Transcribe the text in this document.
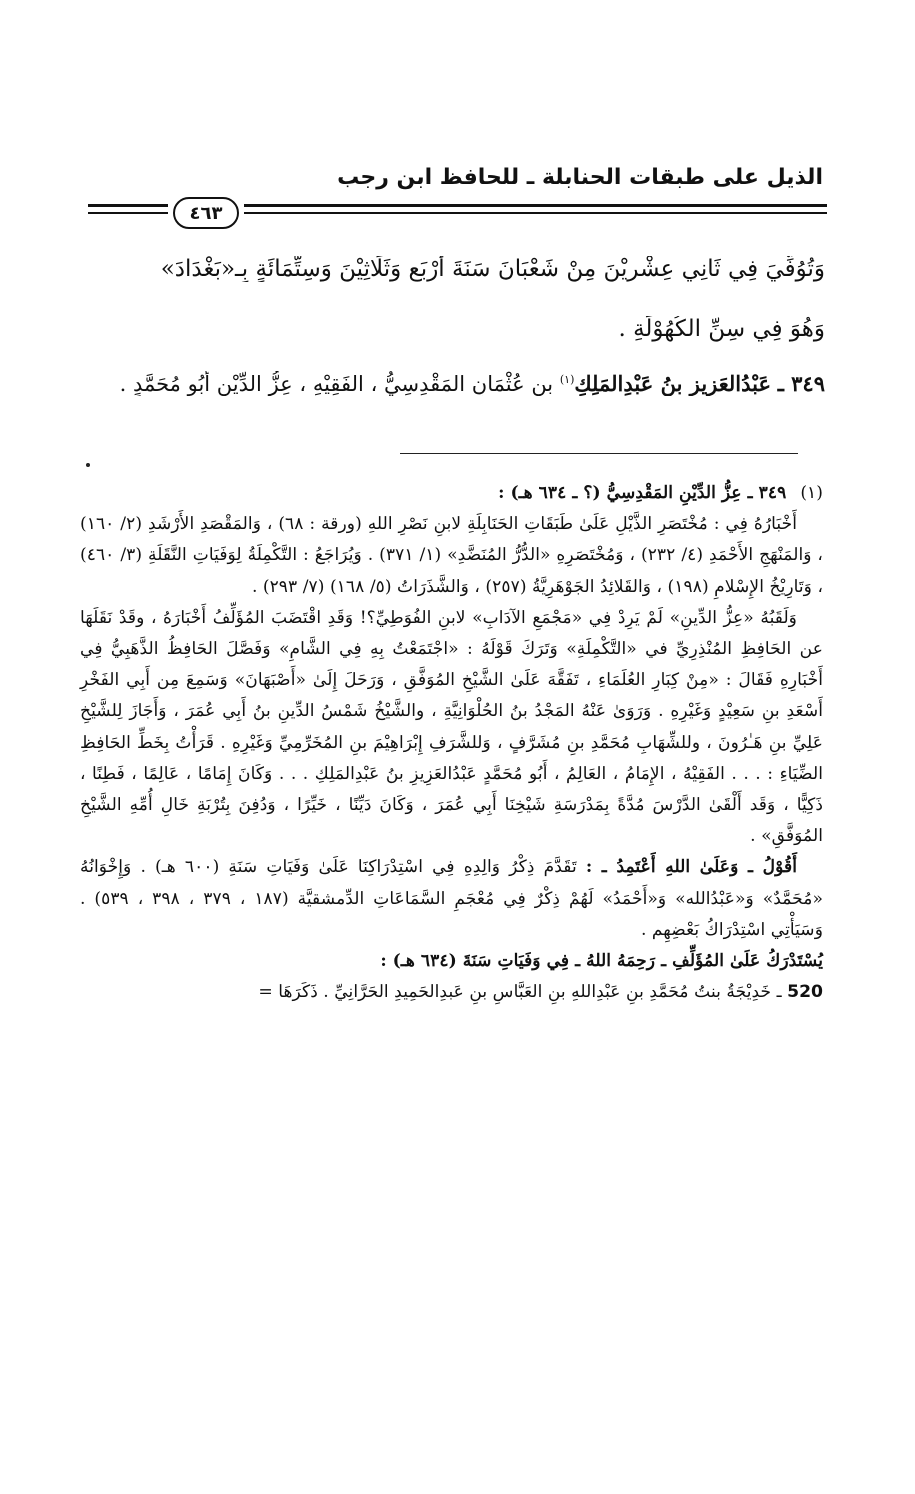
الذيل على طبقات الحنابلة ـ للحافظ ابن رجب
٤٦٣
وَتُوُفِّيَ فِي ثَانِي عِشْرِيْنَ مِنْ شَعْبَانَ سَنَةَ أَرْبَعٍ وَثَلَاثِيْنَ وَسِتِّمَائَةٍ بِـ«بَغْدَادَ»
وَهُوَ فِي سِنِّ الكُهُوْلَةِ .
٣٤٩ ـ عَبْدُالعَزِيزِ بنُ عَبْدِالمَلِكِ$^{(١)}$ بنِ عُثْمَانِ المَقْدِسِيُّ ، الفَقِيْهِ ، عِزُّ الدِّيْنِ أَبُو مُحَمَّدٍ .
(١)
٣٤٩ ـ عِزُّ الدِّيْنِ المَقْدِسِيُّ (؟ ـ ٦٣٤ هـ) :

أَخْبَارُهُ فِي : مُخْتَصَرِ الذَّيْلِ عَلَىٰ طَبَقَاتِ الحَنَابِلَةِ لابنِ نَصْرِ اللهِ (ورقة : ٦٨) ، وَالمَقْصَدِ الأَرْشَدِ (٢/ ١٦٠) ، وَالمَنْهَجِ الأَحْمَدِ (٤/ ٢٣٢) ، وَمُخْتَصَرِهِ «الدُّرُّ المُنَضَّدِ» (١/ ٣٧١) . وَيُرَاجَعُ : التَّكْمِلَةُ لِوَفَيَاتِ النَّقَلَةِ (٣/ ٤٦٠) ، وَتَارِيْخُ الإِسْلامِ (١٩٨) ، وَالقَلائِدُ الجَوْهَرِيَّةُ (٢٥٧) ، وَالشَّذَرَاتُ (٥/ ١٦٨) (٧/ ٢٩٣) .

وَلَقَبُهُ «عِزُّ الدِّينِ» لَمْ يَرِدْ فِي «مَجْمَعِ الآدَابِ» لابنِ الفُوَطِيِّ؟! وَقَدِ اقْتَضَبَ المُؤَلِّفُ أَخْبَارَهُ ، وقَدْ نَقَلَهَا عن الحَافِظِ المُنْذِرِيِّ في «التَّكْمِلَةِ» وَتَرَكَ قَوْلَهُ : «اجْتَمَعْتُ بِهِ فِي الشَّامِ» وَفَصَّلَ الحَافِظُ الذَّهَبِيُّ فِي أَخْبَارِهِ فَقَالَ : «مِنْ كِبَارِ العُلَمَاءِ ، تَفَقَّهَ عَلَىٰ الشَّيْخِ المُوَفَّقِ ، وَرَحَلَ إِلَىٰ «أَصْبَهَانَ» وَسَمِعَ مِن أَبِي الفَخْرِ أَسْعَدِ بنِ سَعِيْدٍ وَغَيْرِهِ . وَرَوَىٰ عَنْهُ المَجْدُ بنُ الحُلْوَانِيَّةِ ، والشَّيْخُ شَمْسُ الدِّينِ بنُ أَبِي عُمَرَ ، وَأَجَازَ لِلشَّيْخِ عَلِيِّ بنِ هَـٰرُونَ ، وللشِّهَابِ مُحَمَّدِ بنِ مُشَرَّفٍ ، وَللشَّرَفِ إِبْرَاهِيْمَ بنِ المُخَرِّمِيِّ وَغَيْرِهِ . قَرَأْتُ بِخَطِّ الحَافِظِ الضِّيَاءِ : . . . الفَقِيْهُ ، الإِمَامُ ، العَالِمُ ، أَبُو مُحَمَّدٍ عَبْدُالعَزِيزِ بنُ عَبْدِالمَلِكِ . . . وَكَانَ إِمَامًا ، عَالِمًا ، فَطِنًا ، ذَكِيًّا ، وَقَد أَلْقَىٰ الدَّرْسَ مُدَّةً بِمَدْرَسَةِ شَيْخِنَا أَبِي عُمَرَ ، وَكَانَ دَيِّنًا ، خَيِّرًا ، وَدُفِنَ بِتُرْبَةِ خَالِ أُمِّهِ الشَّيْخِ المُوَفَّقِ» .

أَقُوْلُ ـ وَعَلَىٰ اللهِ أَعْتَمِدُ ـ : تَقَدَّمَ ذِكْرُ وَالِدِهِ فِي اسْتِدْرَاكِنَا عَلَىٰ وَفَيَاتِ سَنَةِ (٦٠٠ هـ) . وَإِخْوَانُهُ «مُحَمَّدٌ» وَ«عَبْدُالله» وَ«أَحْمَدُ» لَهُمْ ذِكْرٌ فِي مُعْجَمِ السَّمَاعَاتِ الدِّمشقيَّة (١٨٧ ، ٣٧٩ ، ٣٩٨ ، ٥٣٩) . وَسَيَأْتِي اسْتِدْرَاكُ بَعْضِهِم .

يُسْتَدْرَكُ عَلَىٰ المُؤَلِّفِ ـ رَحِمَهُ اللهُ ـ فِي وَفَيَاتِ سَنَةَ (٦٣٤ هـ) :

520 ـ خَدِيْجَةُ بنتُ مُحَمَّدِ بنِ عَبْدِاللهِ بنِ العَبَّاسِ بنِ عَبدِالحَمِيدِ الحَرَّانِيِّ . ذَكَرَهَا =
